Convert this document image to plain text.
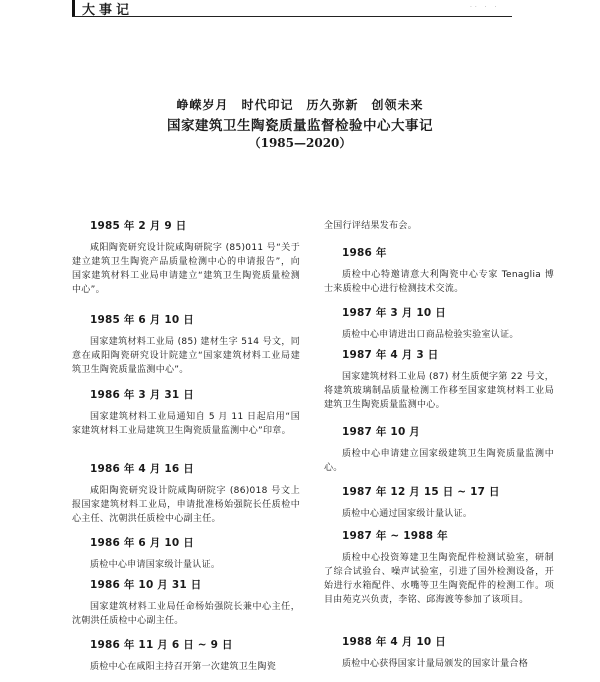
大事记	·· · ·
峥嵘岁月　时代印记　历久弥新　创领未来
国家建筑卫生陶瓷质量监督检验中心大事记
（1985—2020）
1985 年 2 月 9 日

咸阳陶瓷研究设计院咸陶研院字 (85)011 号“关于建立建筑卫生陶瓷产品质量检测中心的申请报告”，向国家建筑材料工业局申请建立“建筑卫生陶瓷质量检测中心”。

1985 年 6 月 10 日

国家建筑材料工业局 (85) 建材生字 514 号文，同意在咸阳陶瓷研究设计院建立“国家建筑材料工业局建筑卫生陶瓷质量监测中心”。

1986 年 3 月 31 日

国家建筑材料工业局通知自 5 月 11 日起启用“国家建筑材料工业局建筑卫生陶瓷质量监测中心”印章。

1986 年 4 月 16 日

咸阳陶瓷研究设计院咸陶研院字 (86)018 号文上报国家建筑材料工业局，申请批准杨始强院长任质检中心主任、沈朝洪任质检中心副主任。

1986 年 6 月 10 日

质检中心申请国家级计量认证。

1986 年 10 月 31 日

国家建筑材料工业局任命杨始强院长兼中心主任，沈朝洪任质检中心副主任。

1986 年 11 月 6 日 ~ 9 日

质检中心在咸阳主持召开第一次建筑卫生陶瓷

全国行评结果发布会。

1986 年

质检中心特邀请意大利陶瓷中心专家 Tenaglia 博士来质检中心进行检测技术交流。

1987 年 3 月 10 日

质检中心申请进出口商品检验实验室认证。

1987 年 4 月 3 日

国家建筑材料工业局 (87) 材生质便字第 22 号文，将建筑玻璃制品质量检测工作移至国家建筑材料工业局建筑卫生陶瓷质量监测中心。

1987 年 10 月

质检中心申请建立国家级建筑卫生陶瓷质量监测中心。

1987 年 12 月 15 日 ~ 17 日

质检中心通过国家级计量认证。

1987 年 ~ 1988 年

质检中心投资筹建卫生陶瓷配件检测试验室，研制了综合试验台、噪声试验室，引进了国外检测设备，开始进行水箱配件、水嘴等卫生陶瓷配件的检测工作。项目由苑克兴负责，李铭、邱海渡等参加了该项目。

1988 年 4 月 10 日

质检中心获得国家计量局颁发的国家计量合格
